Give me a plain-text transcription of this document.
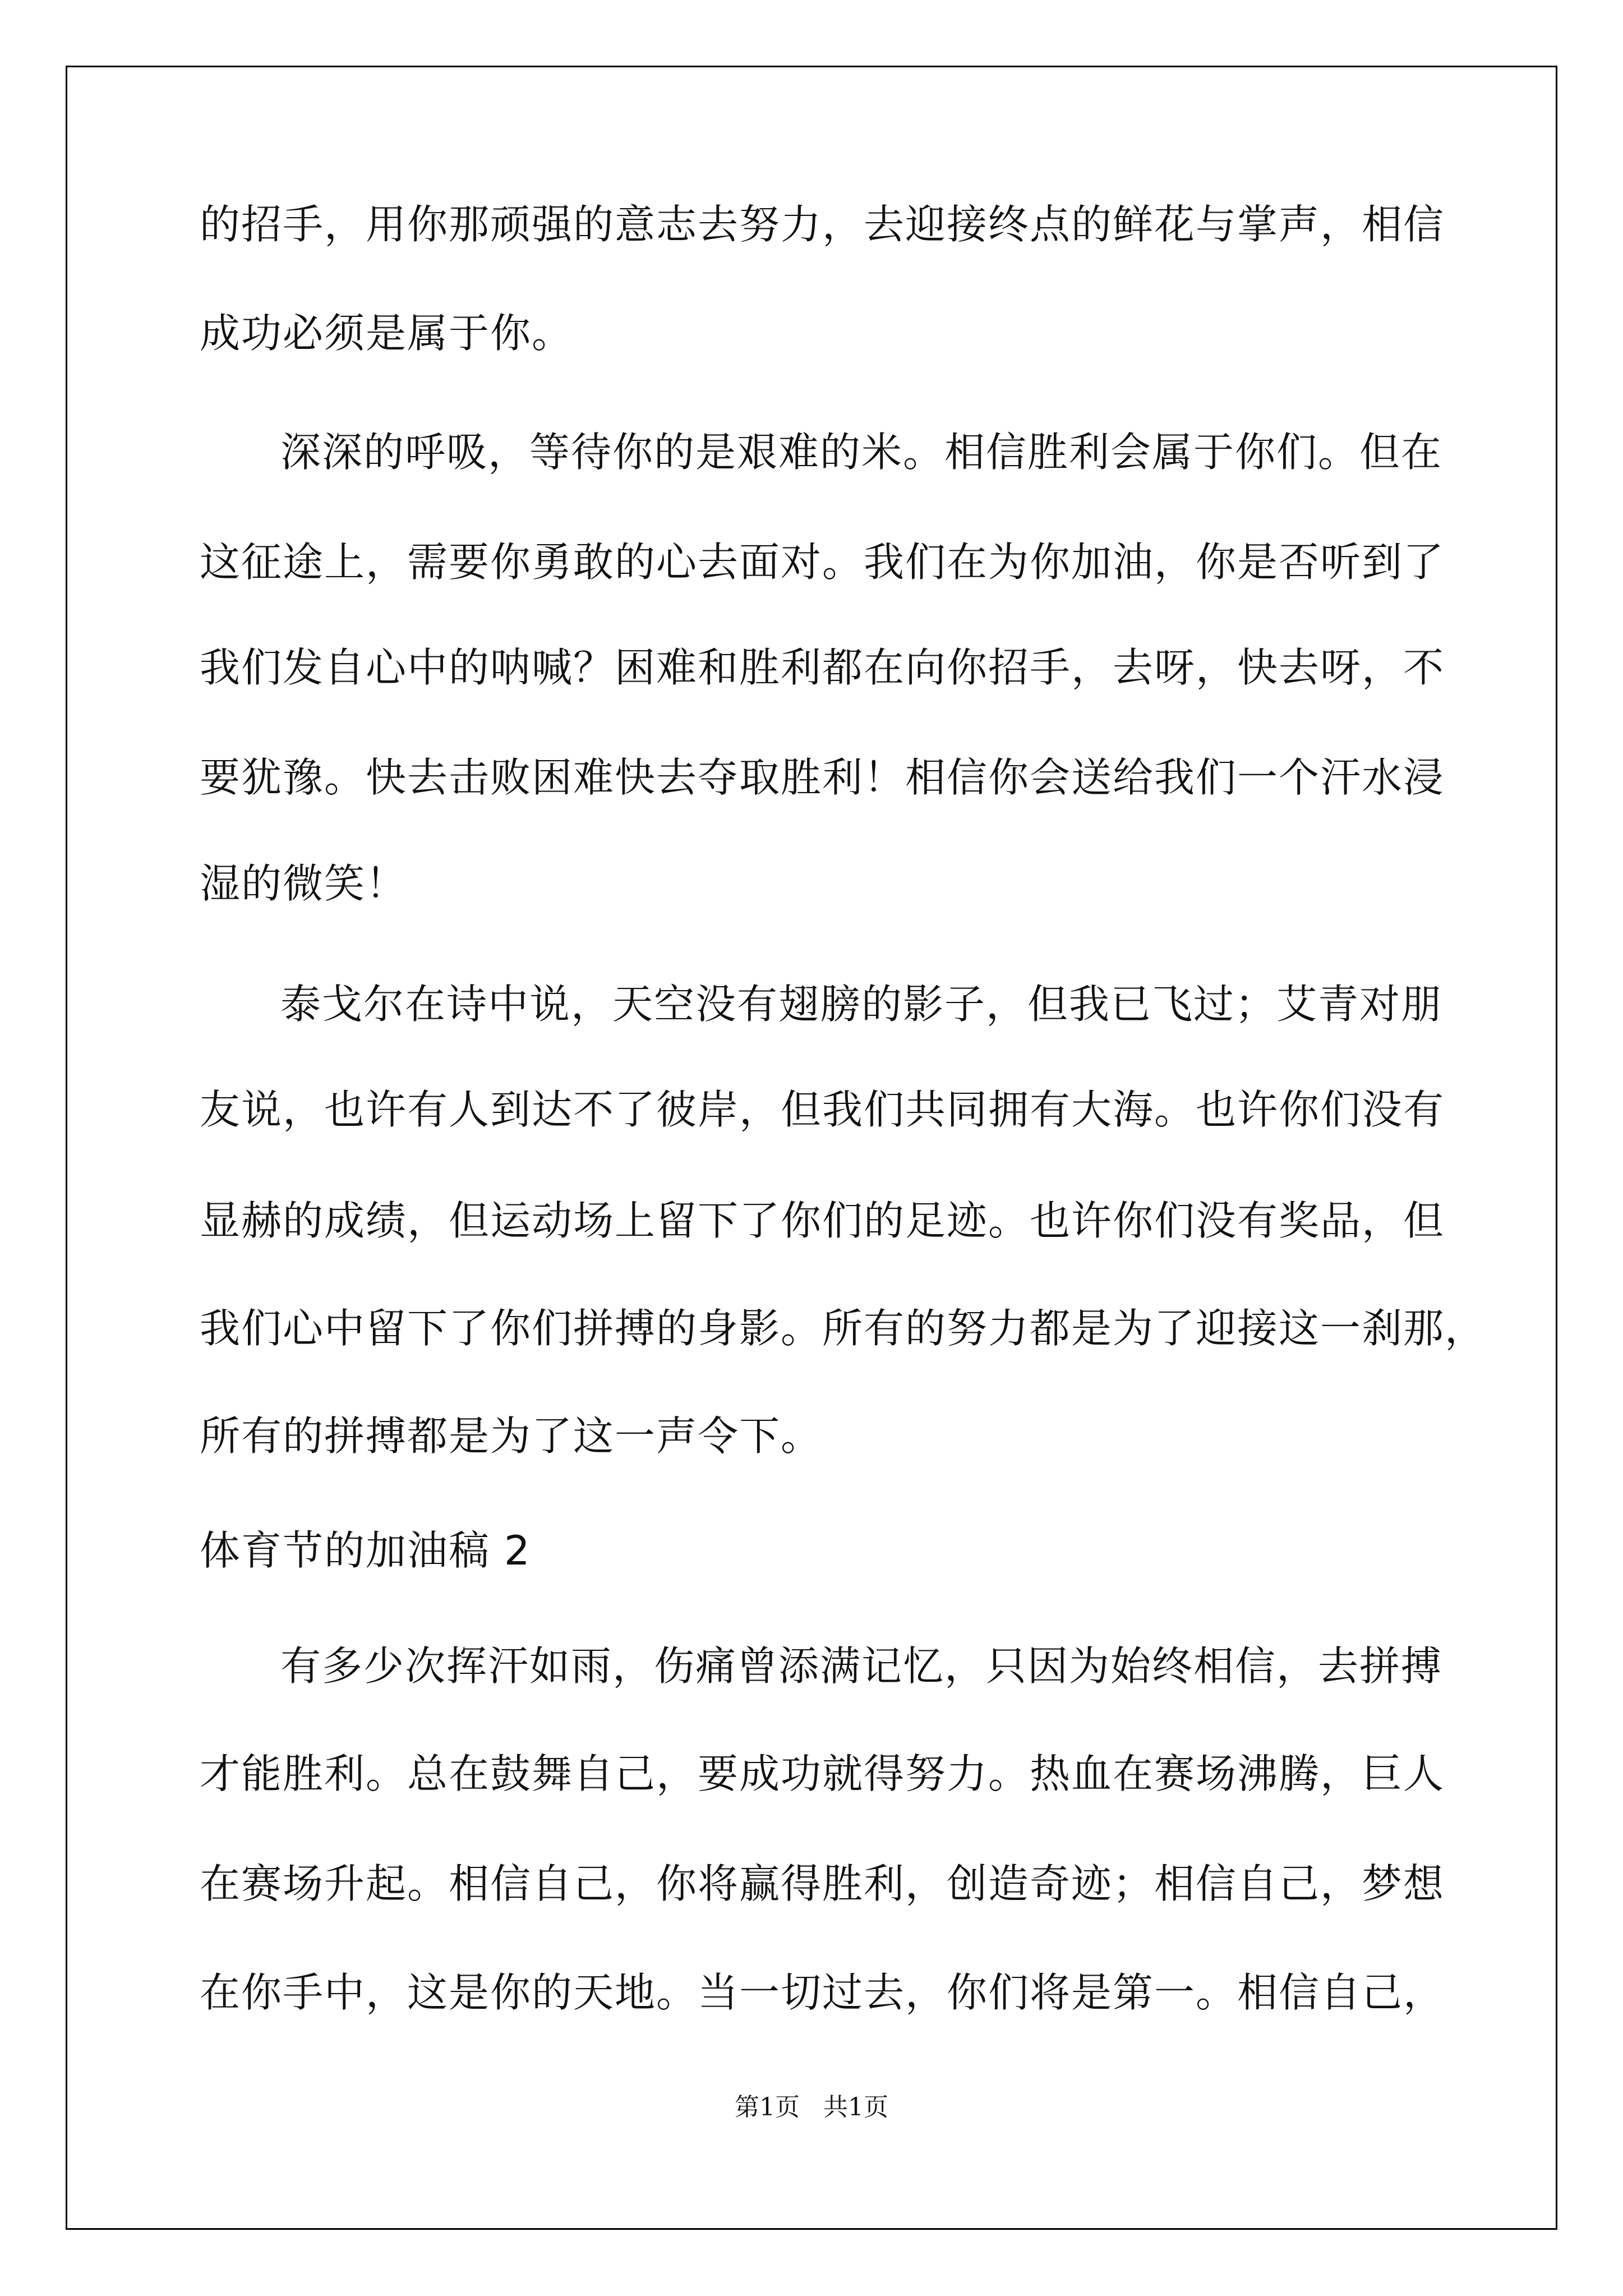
的招手，用你那顽强的意志去努力，去迎接终点的鲜花与掌声，相信
成功必须是属于你。
深深的呼吸，等待你的是艰难的米。相信胜利会属于你们。但在
这征途上，需要你勇敢的心去面对。我们在为你加油，你是否听到了
我们发自心中的呐喊？困难和胜利都在向你招手，去呀，快去呀，不
要犹豫。快去击败困难快去夺取胜利！相信你会送给我们一个汗水浸
湿的微笑！
泰戈尔在诗中说，天空没有翅膀的影子，但我已飞过；艾青对朋
友说，也许有人到达不了彼岸，但我们共同拥有大海。也许你们没有
显赫的成绩，但运动场上留下了你们的足迹。也许你们没有奖品，但
我们心中留下了你们拼搏的身影。所有的努力都是为了迎接这一刹那，
所有的拼搏都是为了这一声令下。
体育节的加油稿 2
有多少次挥汗如雨，伤痛曾添满记忆，只因为始终相信，去拼搏
才能胜利。总在鼓舞自己，要成功就得努力。热血在赛场沸腾，巨人
在赛场升起。相信自己，你将赢得胜利，创造奇迹；相信自己，梦想
在你手中，这是你的天地。当一切过去，你们将是第一。相信自己，
第1页   共1页
